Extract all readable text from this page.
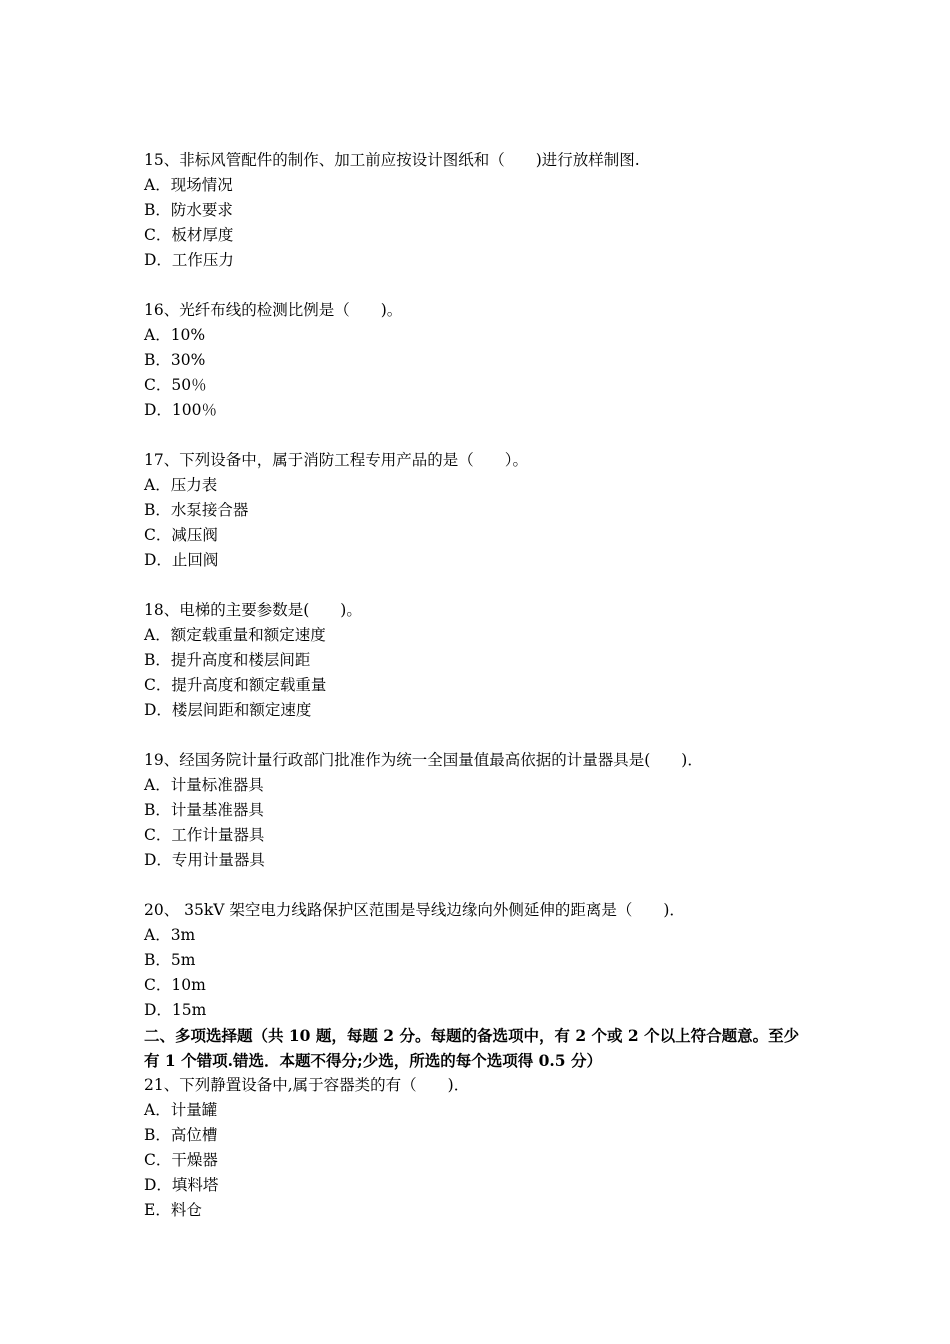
15、非标风管配件的制作、加工前应按设计图纸和（　　)进行放样制图.
A．现场情况
B．防水要求
C．板材厚度
D．工作压力
16、光纤布线的检测比例是（　　)。
A．10%
B．30%
C．50％
D．100％
17、下列设备中，属于消防工程专用产品的是（　　）。
A．压力表
B．水泵接合器
C．减压阀
D．止回阀
18、电梯的主要参数是(　　)。
A．额定载重量和额定速度
B．提升高度和楼层间距
C．提升高度和额定载重量
D．楼层间距和额定速度
19、经国务院计量行政部门批准作为统一全国量值最高依据的计量器具是(　　)．
A．计量标准器具
B．计量基准器具
C．工作计量器具
D．专用计量器具
20、 35kV 架空电力线路保护区范围是导线边缘向外侧延伸的距离是（　　)．
A．3m
B．5m
C．10m
D．15m
二、多项选择题（共 10 题，每题 2 分。每题的备选项中，有 2 个或 2 个以上符合题意。至少有 1 个错项.错选．本题不得分;少选，所选的每个选项得 0.5 分）
21、下列静置设备中,属于容器类的有（　　)．
A．计量罐
B．高位槽
C．干燥器
D．填料塔
E．料仓
